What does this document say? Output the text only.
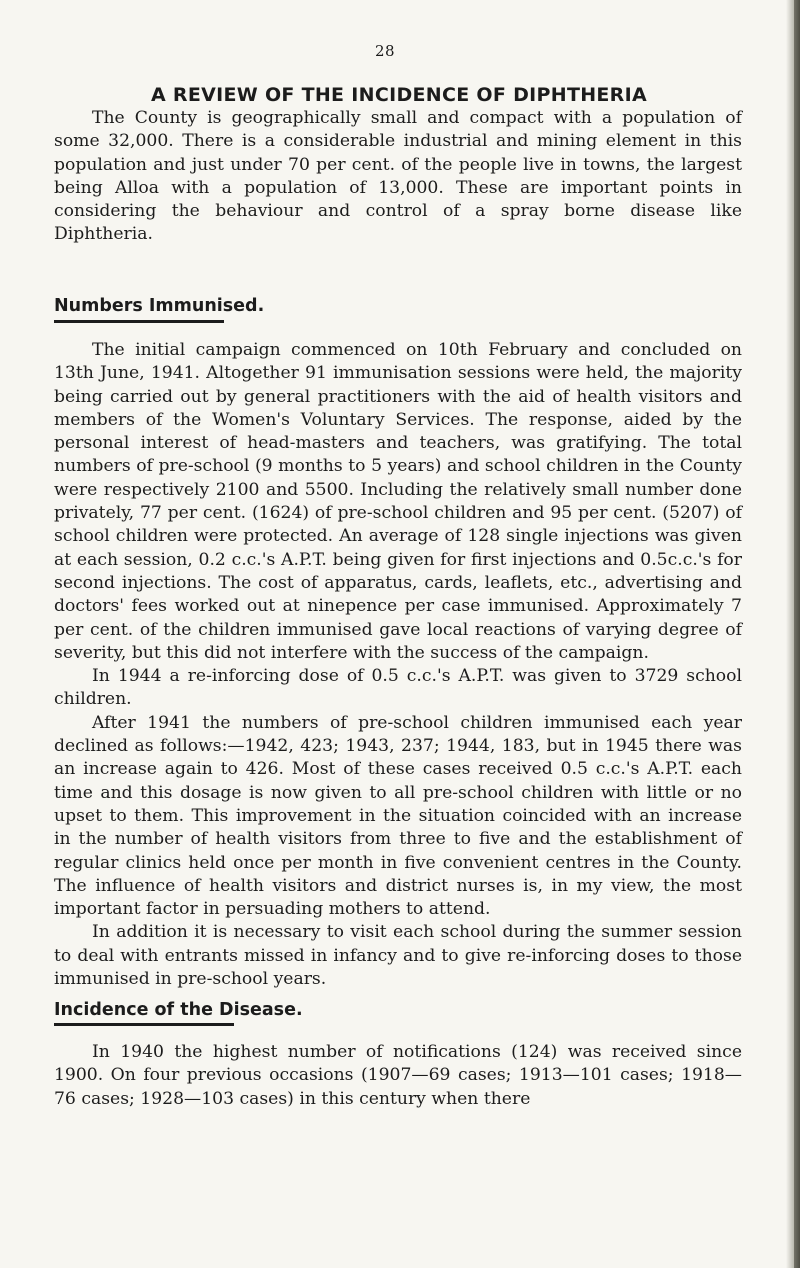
28
A REVIEW OF THE INCIDENCE OF DIPHTHERIA

The County is geographically small and compact with a population of some 32,000. There is a considerable industrial and mining element in this population and just under 70 per cent. of the people live in towns, the largest being Alloa with a population of 13,000. These are important points in considering the behaviour and control of a spray borne disease like Diphtheria.

Numbers Immunised.

The initial campaign commenced on 10th February and concluded on 13th June, 1941. Altogether 91 immunisation sessions were held, the majority being carried out by general practitioners with the aid of health visitors and members of the Women's Voluntary Services. The response, aided by the personal interest of head-masters and teachers, was gratifying. The total numbers of pre-school (9 months to 5 years) and school children in the County were respectively 2100 and 5500. Including the relatively small number done privately, 77 per cent. (1624) of pre-school children and 95 per cent. (5207) of school children were protected. An average of 128 single injections was given at each session, 0.2 c.c.'s A.P.T. being given for first injections and 0.5c.c.'s for second injections. The cost of apparatus, cards, leaflets, etc., advertising and doctors' fees worked out at ninepence per case immunised. Approximately 7 per cent. of the children immunised gave local reactions of varying degree of severity, but this did not interfere with the success of the campaign.

In 1944 a re-inforcing dose of 0.5 c.c.'s A.P.T. was given to 3729 school children.

After 1941 the numbers of pre-school children immunised each year declined as follows:—1942, 423; 1943, 237; 1944, 183, but in 1945 there was an increase again to 426. Most of these cases received 0.5 c.c.'s A.P.T. each time and this dosage is now given to all pre-school children with little or no upset to them. This improvement in the situation coincided with an increase in the number of health visitors from three to five and the establishment of regular clinics held once per month in five convenient centres in the County. The influence of health visitors and district nurses is, in my view, the most important factor in persuading mothers to attend.

In addition it is necessary to visit each school during the summer session to deal with entrants missed in infancy and to give re-inforcing doses to those immunised in pre-school years.

Incidence of the Disease.

In 1940 the highest number of notifications (124) was received since 1900. On four previous occasions (1907—69 cases; 1913—101 cases; 1918—76 cases; 1928—103 cases) in this century when there
